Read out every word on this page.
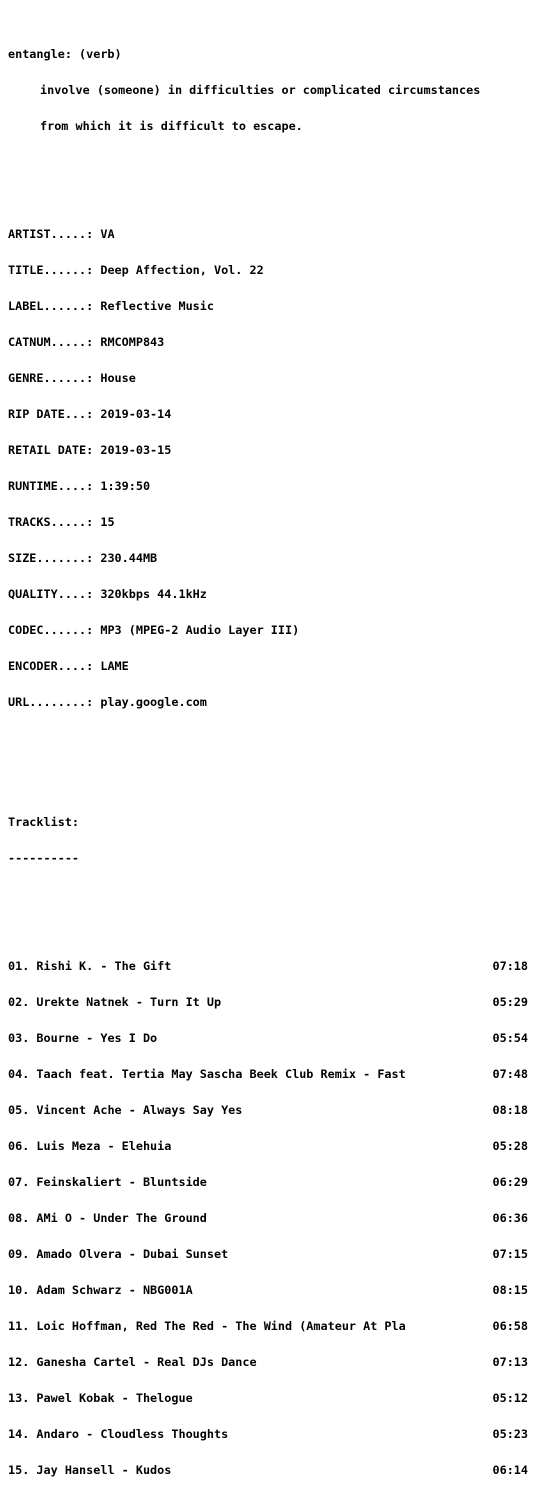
entangle: (verb)

involve (someone) in difficulties or complicated circumstances

from which it is difficult to escape.

ARTIST.....: VA

TITLE......: Deep Affection, Vol. 22

LABEL......: Reflective Music

CATNUM.....: RMCOMP843

GENRE......: House

RIP DATE...: 2019-03-14

RETAIL DATE: 2019-03-15

RUNTIME....: 1:39:50

TRACKS.....: 15

SIZE.......: 230.44MB

QUALITY....: 320kbps 44.1kHz

CODEC......: MP3 (MPEG-2 Audio Layer III)

ENCODER....: LAME

URL........: play.google.com

Tracklist:

----------

01. Rishi K. - The Gift	07:18

02. Urekte Natnek - Turn It Up	05:29

03. Bourne - Yes I Do	05:54

04. Taach feat. Tertia May Sascha Beek Club Remix - Fast	07:48

05. Vincent Ache - Always Say Yes	08:18

06. Luis Meza - Elehuia	05:28

07. Feinskaliert - Bluntside	06:29

08. AMi O - Under The Ground	06:36

09. Amado Olvera - Dubai Sunset	07:15

10. Adam Schwarz - NBG001A	08:15

11. Loic Hoffman, Red The Red - The Wind (Amateur At Pla	06:58

12. Ganesha Cartel - Real DJs Dance	07:13

13. Pawel Kobak - Thelogue	05:12

14. Andaro - Cloudless Thoughts	05:23

15. Jay Hansell - Kudos	06:14
